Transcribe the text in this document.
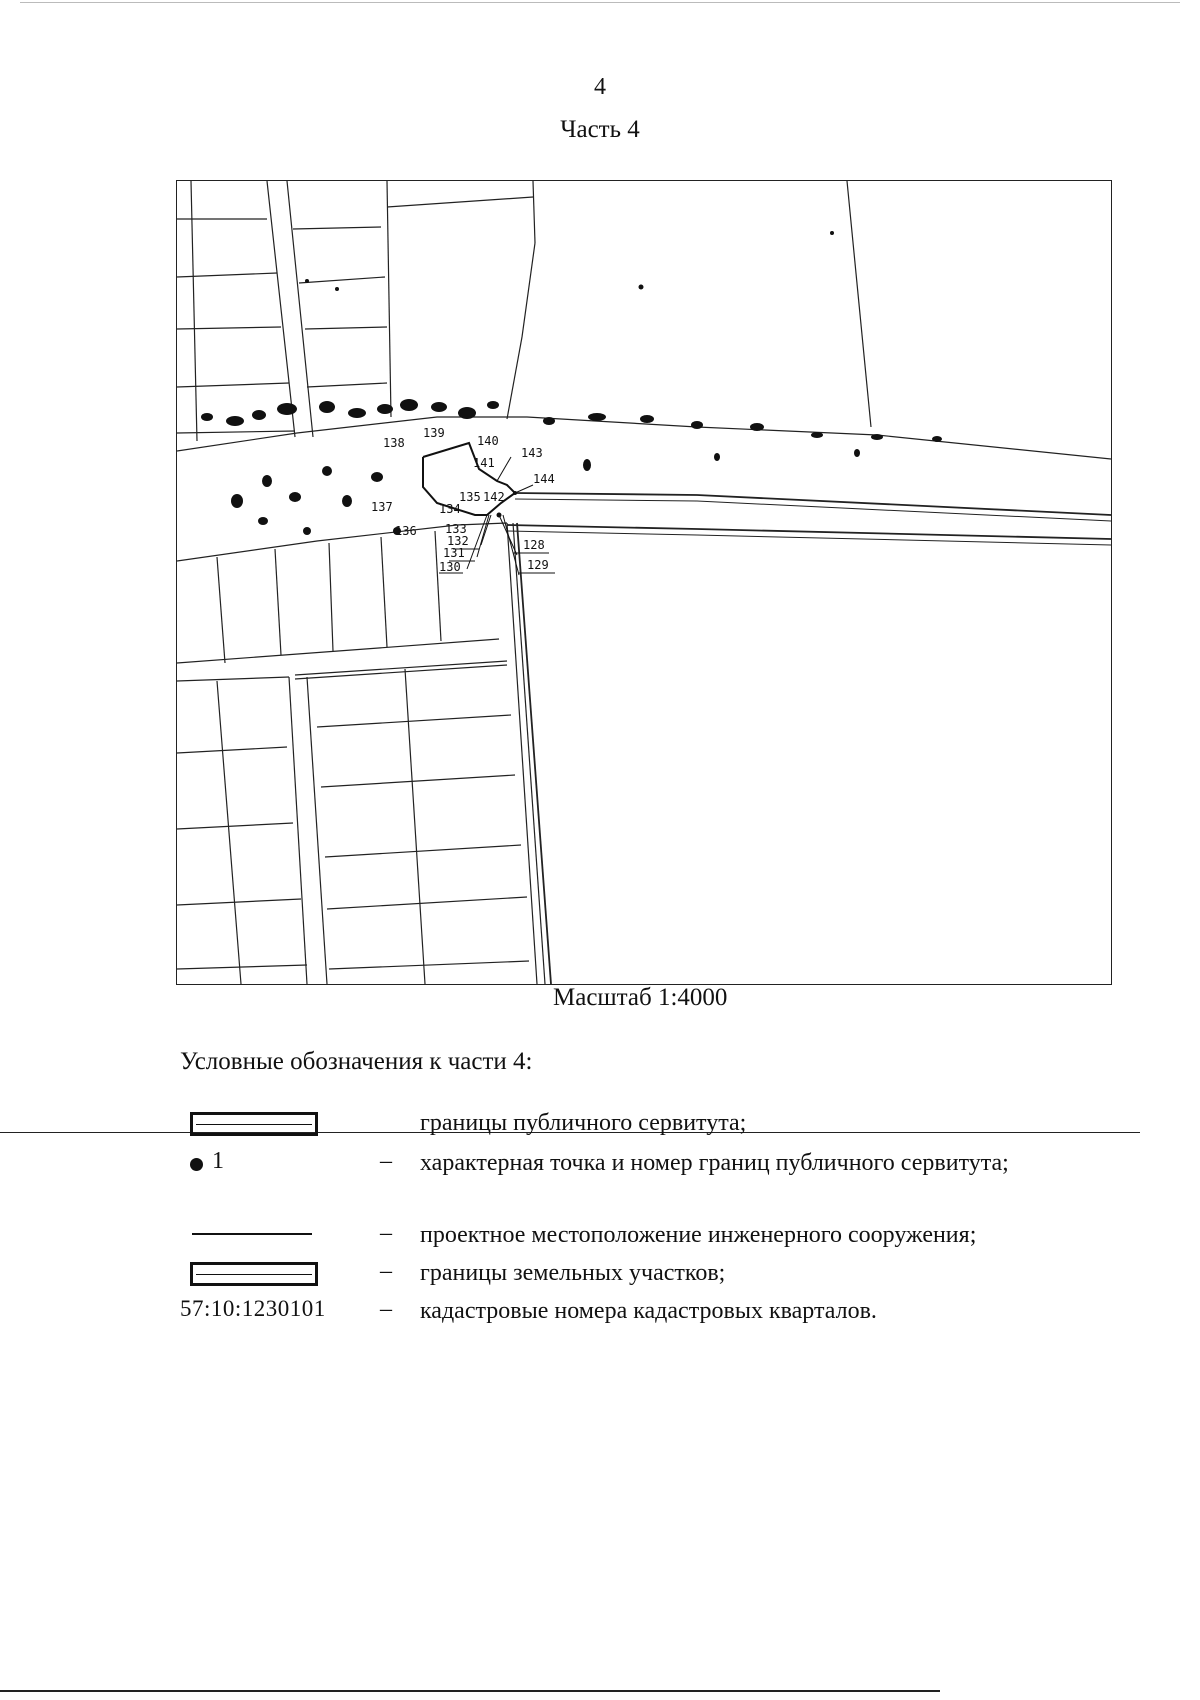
4
Часть 4
128
129
130
131
132
133
134
135
136
137
138
139
140
141
142
143
144
Масштаб 1:4000
Условные обозначения к части 4:
границы публичного сервитута;
1	– характерная точка и номер границ публичного сервитута;
– проектное местоположение инженерного сооружения;
– границы земельных участков;
57:10:1230101 – кадастровые номера кадастровых кварталов.
